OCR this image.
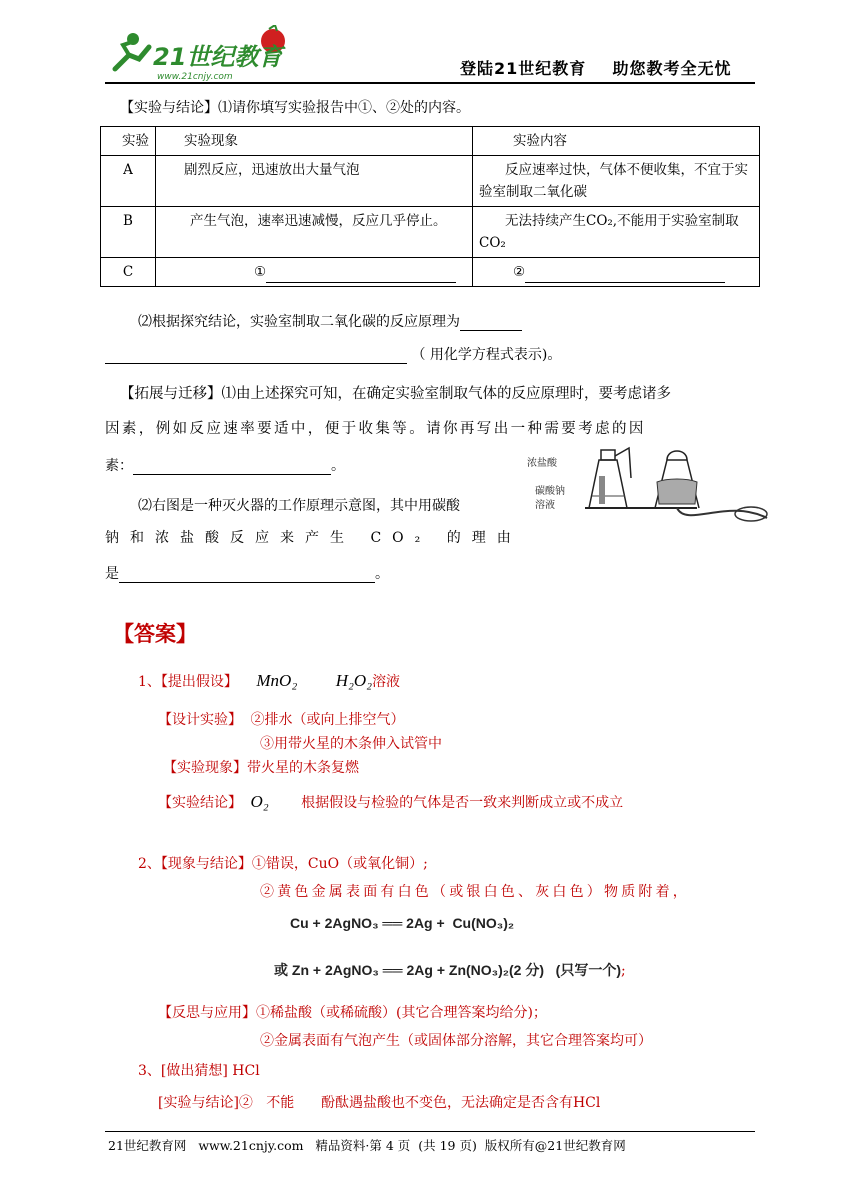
21世纪教育
www.21cnjy.com	登陆21世纪教育    助您教考全无忧
【实验与结论】⑴请你填写实验报告中①、②处的内容。
实验	实验现象	实验内容
A	剧烈反应，迅速放出大量气泡	反应速率过快，气体不便收集，不宜于实验室制取二氧化碳
B	产生气泡，速率迅速减慢，反应几乎停止。	无法持续产生CO₂,不能用于实验室制取CO₂
C	①	②
⑵根据探究结论，实验室制取二氧化碳的反应原理为
（ 用化学方程式表示)。
【拓展与迁移】⑴由上述探究可知，在确定实验室制取气体的反应原理时，要考虑诸多
因素，例如反应速率要适中，便于收集等。请你再写出一种需要考虑的因
素：	。
⑵右图是一种灭火器的工作原理示意图，其中用碳酸
钠和浓盐酸反应来产生 CO₂ 的理由
是	。
浓盐酸
碳酸钠
溶液
【答案】
1、【提出假设】 MnO₂ H₂O₂溶液
【设计实验】 ②排水（或向上排空气）
③用带火星的木条伸入试管中
【实验现象】带火星的木条复燃
【实验结论】 O₂ 根据假设与检验的气体是否一致来判断成立或不成立
2、【现象与结论】①错误，CuO（或氧化铜）;
②黄色金属表面有白色（或银白色、灰白色）物质附着，
Cu + 2AgNO₃ ══ 2Ag +  Cu(NO₃)₂
或 Zn + 2AgNO₃ ══ 2Ag + Zn(NO₃)₂(2 分)   (只写一个);
【反思与应用】①稀盐酸（或稀硫酸）(其它合理答案均给分)；
②金属表面有气泡产生（或固体部分溶解，其它合理答案均可）
3、[做出猜想] HCl
[实验与结论]②   不能      酚酞遇盐酸也不变色，无法确定是否含有HCl
21世纪教育网   www.21cnjy.com   精品资料·第 4 页  (共 19 页)  版权所有@21世纪教育网
